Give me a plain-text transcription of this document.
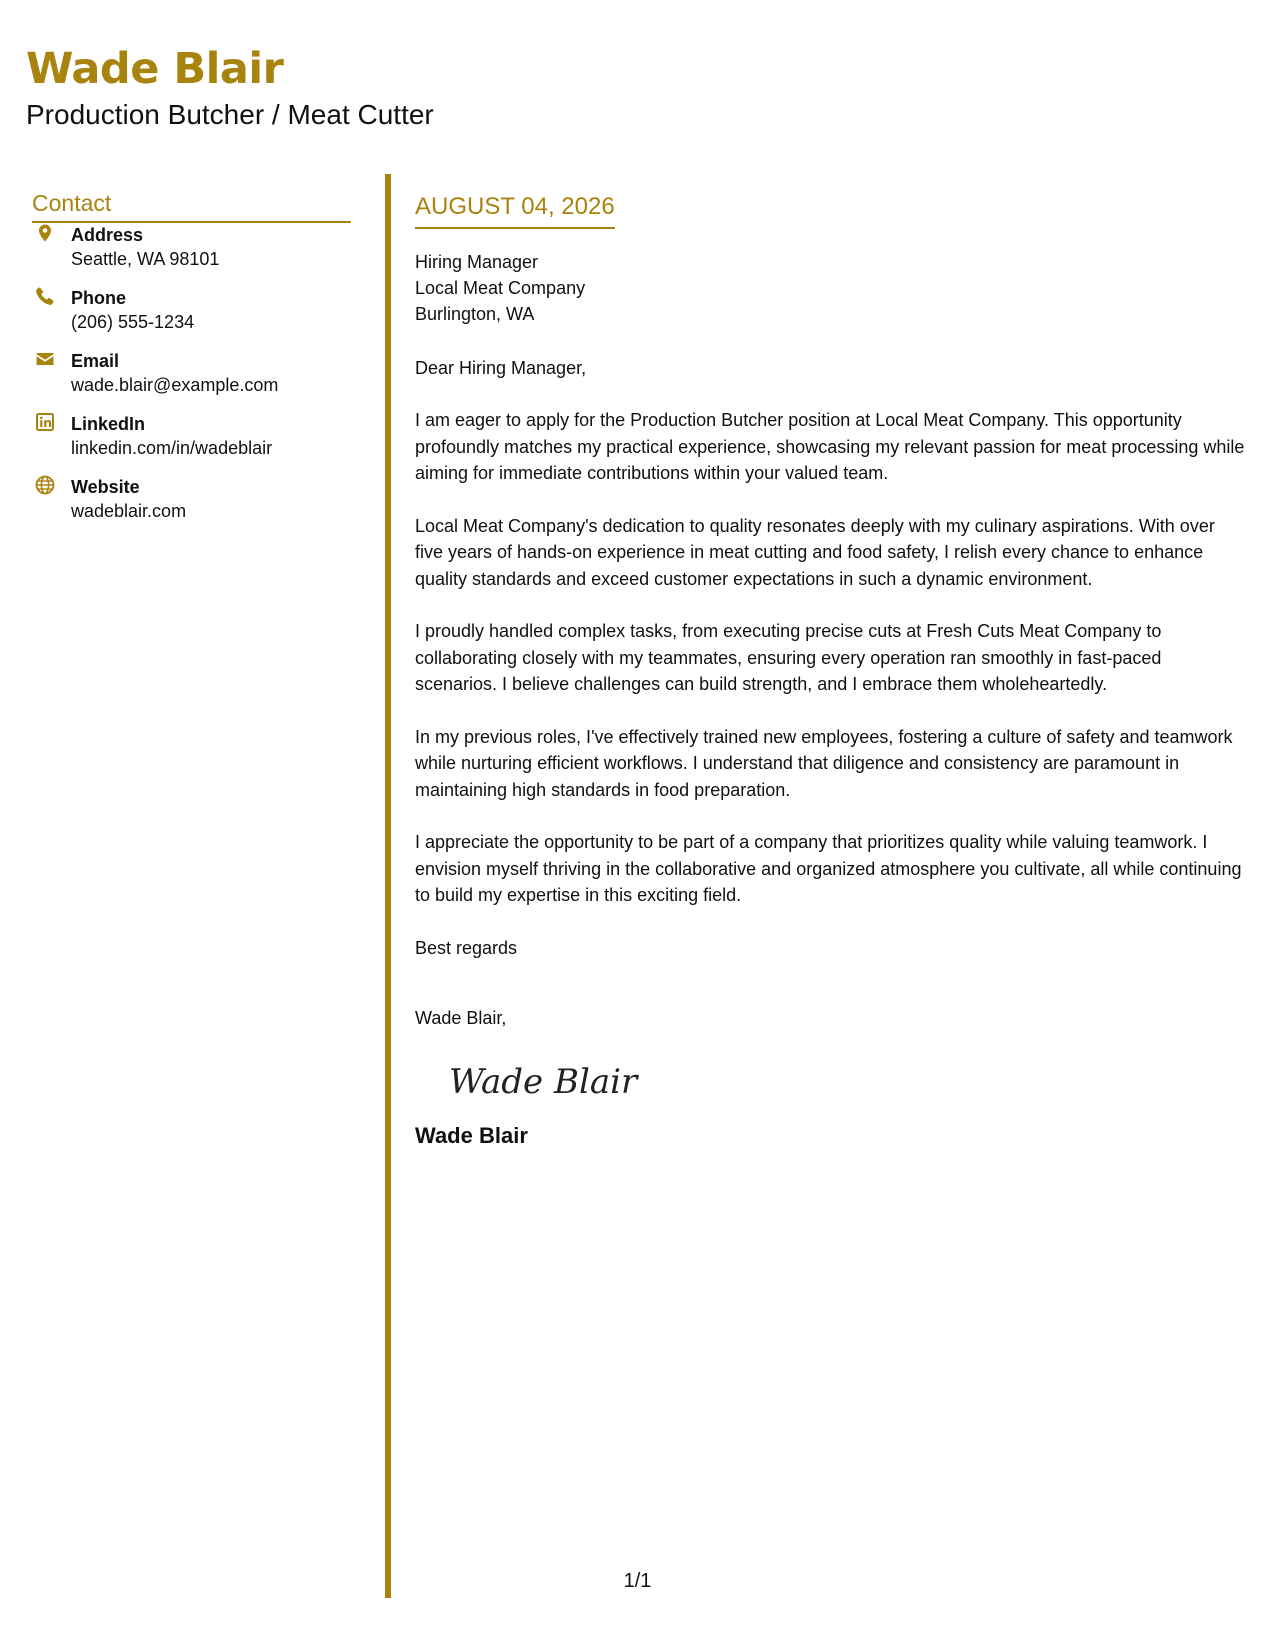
Wade Blair
Production Butcher / Meat Cutter
Contact
Address
Seattle, WA 98101
Phone
(206) 555-1234
Email
wade.blair@example.com
LinkedIn
linkedin.com/in/wadeblair
Website
wadeblair.com
AUGUST 04, 2026
Hiring Manager
Local Meat Company
Burlington, WA
Dear Hiring Manager,

I am eager to apply for the Production Butcher position at Local Meat Company. This opportunity profoundly matches my practical experience, showcasing my relevant passion for meat processing while aiming for immediate contributions within your valued team.

Local Meat Company's dedication to quality resonates deeply with my culinary aspirations. With over five years of hands-on experience in meat cutting and food safety, I relish every chance to enhance quality standards and exceed customer expectations in such a dynamic environment.

I proudly handled complex tasks, from executing precise cuts at Fresh Cuts Meat Company to collaborating closely with my teammates, ensuring every operation ran smoothly in fast-paced scenarios. I believe challenges can build strength, and I embrace them wholeheartedly.

In my previous roles, I've effectively trained new employees, fostering a culture of safety and teamwork while nurturing efficient workflows. I understand that diligence and consistency are paramount in maintaining high standards in food preparation.

I appreciate the opportunity to be part of a company that prioritizes quality while valuing teamwork. I envision myself thriving in the collaborative and organized atmosphere you cultivate, all while continuing to build my expertise in this exciting field.

Best regards
Wade Blair,
Wade Blair
Wade Blair
1/1
